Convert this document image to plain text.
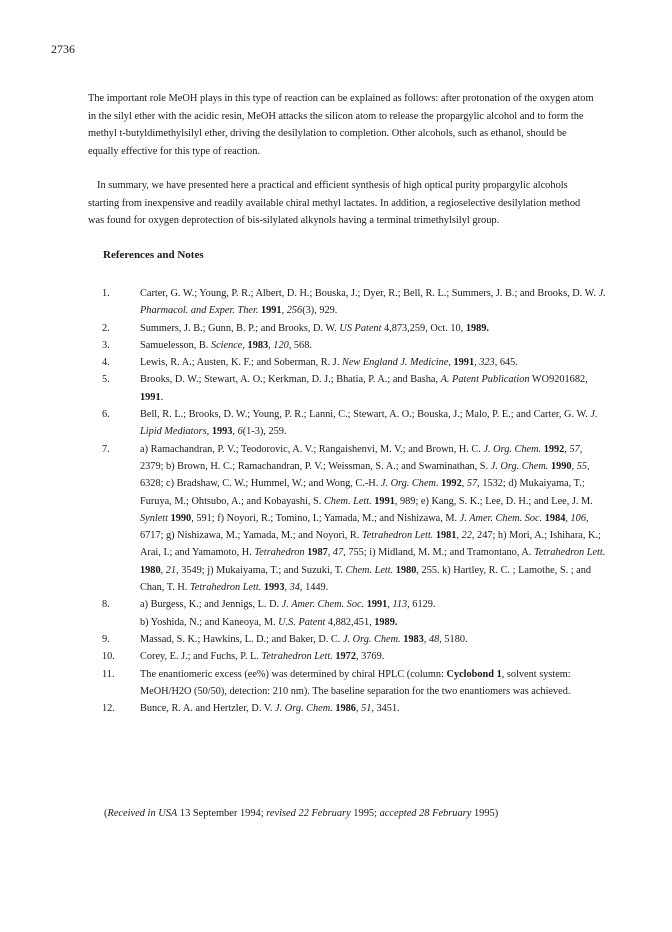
2736

The important role MeOH plays in this type of reaction can be explained as follows: after protonation of the oxygen atom in the silyl ether with the acidic resin, MeOH attacks the silicon atom to release the propargylic alcohol and to form the methyl t-butyldimethylsilyl ether, driving the desilylation to completion. Other alcohols, such as ethanol, should be equally effective for this type of reaction.

In summary, we have presented here a practical and efficient synthesis of high optical purity propargylic alcohols starting from inexpensive and readily available chiral methyl lactates. In addition, a regioselective desilylation method was found for oxygen deprotection of bis-silylated alkynols having a terminal trimethylsilyl group.

References and Notes
1.	Carter, G. W.; Young, P. R.; Albert, D. H.; Bouska, J.; Dyer, R.; Bell, R. L.; Summers, J. B.; and Brooks, D. W. J. Pharmacol. and Exper. Ther. 1991, 256(3), 929.
2.	Summers, J. B.; Gunn, B. P.; and Brooks, D. W. US Patent 4,873,259, Oct. 10, 1989.
3.	Samuelesson, B. Science, 1983, 120, 568.
4.	Lewis, R. A.; Austen, K. F.; and Soberman, R. J. New England J. Medicine, 1991, 323, 645.
5.	Brooks, D. W.; Stewart, A. O.; Kerkman, D. J.; Bhatia, P. A.; and Basha, A. Patent Publication WO9201682, 1991.
6.	Bell, R. L.; Brooks, D. W.; Young, P. R.; Lanni, C.; Stewart, A. O.; Bouska, J.; Malo, P. E.; and Carter, G. W. J. Lipid Mediators, 1993, 6(1-3), 259.
7.	a) Ramachandran, P. V.; Teodorovic, A. V.; Rangaishenvi, M. V.; and Brown, H. C. J. Org. Chem. 1992, 57, 2379; b) Brown, H. C.; Ramachandran, P. V.; Weissman, S. A.; and Swaminathan, S. J. Org. Chem. 1990, 55, 6328; c) Bradshaw, C. W.; Hummel, W.; and Wong, C.-H. J. Org. Chem. 1992, 57, 1532; d) Mukaiyama, T.; Furuya, M.; Ohtsubo, A.; and Kobayashi, S. Chem. Lett. 1991, 989; e) Kang, S. K.; Lee, D. H.; and Lee, J. M. Synlett 1990, 591; f) Noyori, R.; Tomino, I.; Yamada, M.; and Nishizawa, M. J. Amer. Chem. Soc. 1984, 106, 6717; g) Nishizawa, M.; Yamada, M.; and Noyori, R. Tetrahedron Lett. 1981, 22, 247; h) Mori, A.; Ishihara, K.; Arai, I.; and Yamamoto, H. Tetrahedron 1987, 47, 755; i) Midland, M. M.; and Tramontano, A. Tetrahedron Lett. 1980, 21, 3549; j) Mukaiyama, T.; and Suzuki, T. Chem. Lett. 1980, 255. k) Hartley, R. C. ; Lamothe, S. ; and Chan, T. H. Tetrahedron Lett. 1993, 34, 1449.
8.	a) Burgess, K.; and Jennigs, L. D. J. Amer. Chem. Soc. 1991, 113, 6129.
b) Yoshida, N.; and Kaneoya, M. U.S. Patent 4,882,451, 1989.
9.	Massad, S. K.; Hawkins, L. D.; and Baker, D. C. J. Org. Chem. 1983, 48, 5180.
10.	Corey, E. J.; and Fuchs, P. L. Tetrahedron Lett. 1972, 3769.
11.	The enantiomeric excess (ee%) was determined by chiral HPLC (column: Cyclobond 1, solvent system: MeOH/H2O (50/50), detection: 210 nm). The baseline separation for the two enantiomers was achieved.
12.	Bunce, R. A. and Hertzler, D. V. J. Org. Chem. 1986, 51, 3451.
(Received in USA 13 September 1994; revised 22 February 1995; accepted 28 February 1995)
